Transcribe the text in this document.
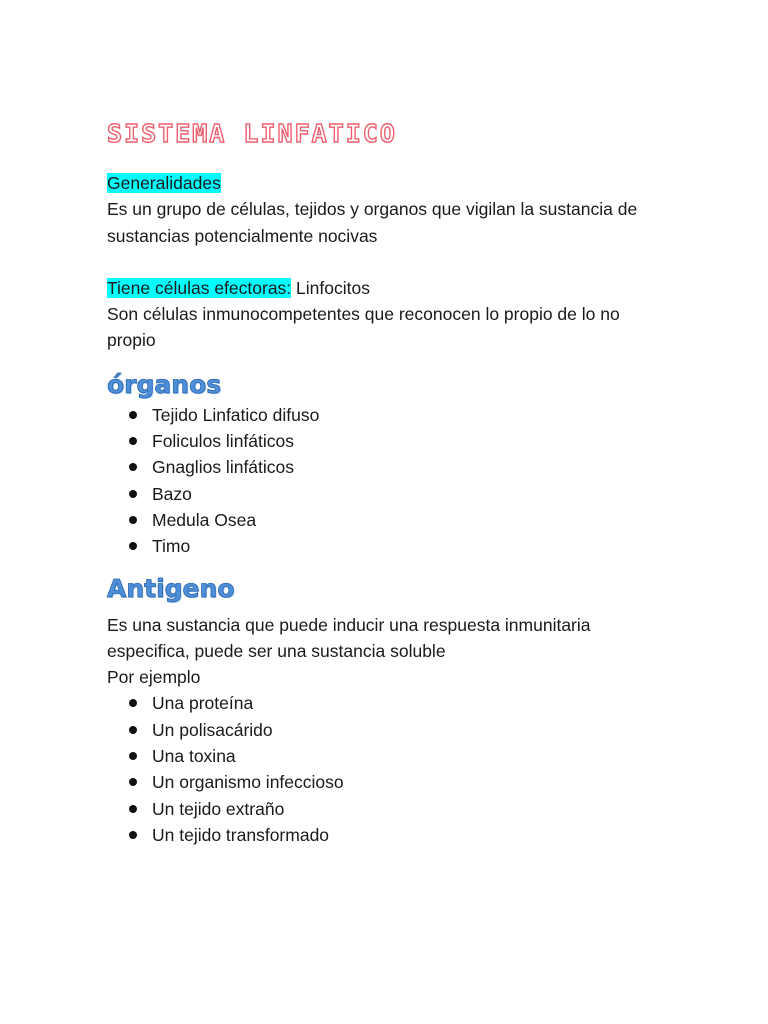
SISTEMA LINFATICO

Generalidades

Es un grupo de células, tejidos y organos que vigilan la sustancia de

sustancias potencialmente nocivas

Tiene células efectoras: Linfocitos

Son células inmunocompetentes que reconocen lo propio de lo no

propio

órganos
Tejido Linfatico difuso
Foliculos linfáticos
Gnaglios linfáticos
Bazo
Medula Osea
Timo
Antigeno

Es una sustancia que puede inducir una respuesta inmunitaria

especifica, puede ser una sustancia soluble

Por ejemplo

Una proteína
Un polisacárido
Una toxina
Un organismo infeccioso
Un tejido extraño
Un tejido transformado
